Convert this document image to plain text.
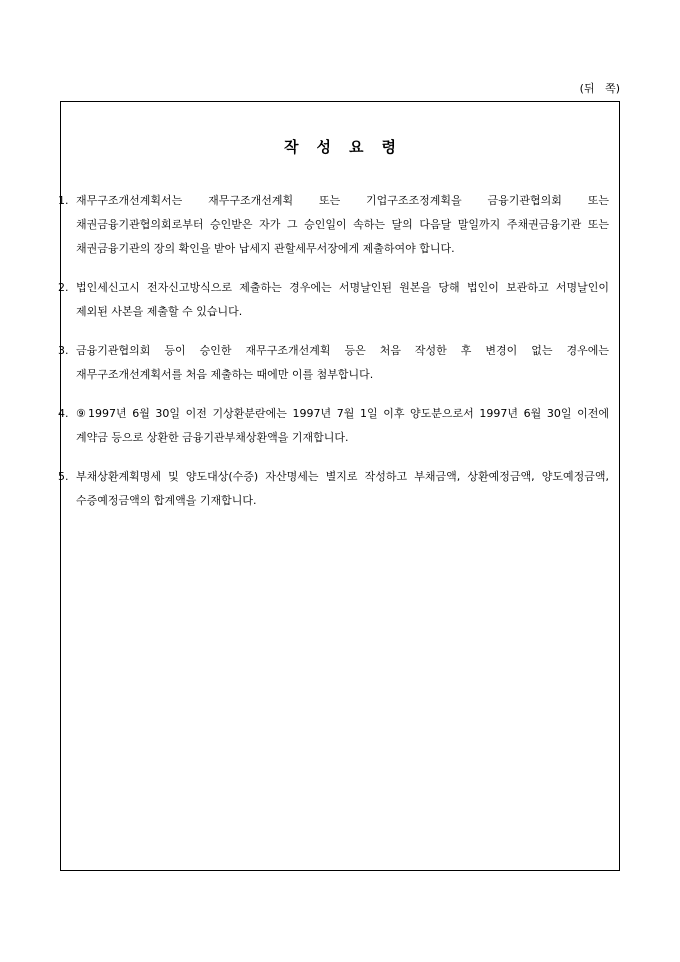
(뒤   쪽)
작성요령
1. 재무구조개선계획서는 재무구조개선계획 또는 기업구조조정계획을 금융기관협의회 또는 채권금융기관협의회로부터 승인받은 자가 그 승인일이 속하는 달의 다음달 말일까지 주채권금융기관 또는 채권금융기관의 장의 확인을 받아 납세지 관할세무서장에게 제출하여야 합니다.
2. 법인세신고시 전자신고방식으로 제출하는 경우에는 서명날인된 원본을 당해 법인이 보관하고 서명날인이 제외된 사본을 제출할 수 있습니다.
3. 금융기관협의회 등이 승인한 재무구조개선계획 등은 처음 작성한 후 변경이 없는 경우에는 재무구조개선계획서를 처음 제출하는 때에만 이를 첨부합니다.
4. ⑨1997년 6월 30일 이전 기상환분란에는 1997년 7월 1일 이후 양도분으로서 1997년 6월 30일 이전에 계약금 등으로 상환한 금융기관부채상환액을 기재합니다.
5. 부채상환계획명세 및 양도대상(수증) 자산명세는 별지로 작성하고 부채금액, 상환예정금액, 양도예정금액, 수증예정금액의 합계액을 기재합니다.
